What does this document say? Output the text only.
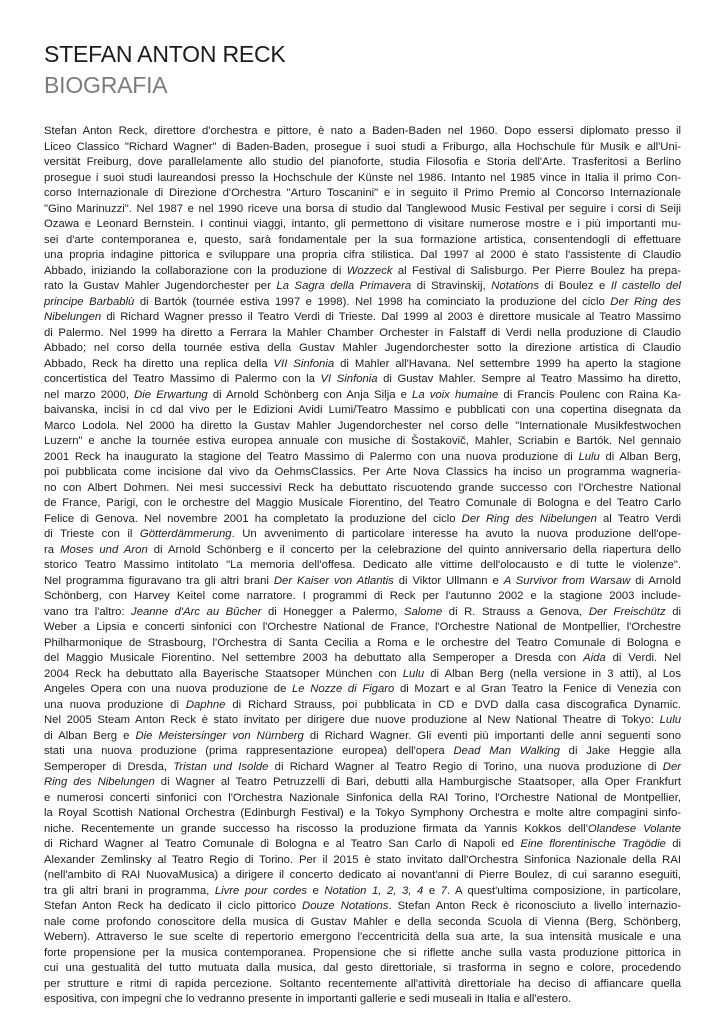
STEFAN ANTON RECK
BIOGRAFIA
Stefan Anton Reck, direttore d'orchestra e pittore, è nato a Baden-Baden nel 1960. Dopo essersi diplomato presso il
Liceo Classico "Richard Wagner" di Baden-Baden, prosegue i suoi studi a Friburgo, alla Hochschule für Musik e all'Uni-
versität Freiburg, dove parallelamente allo studio del pianoforte, studia Filosofia e Storia dell'Arte. Trasferitosi a Berlino
prosegue i suoi studi laureandosi presso la Hochschule der Künste nel 1986. Intanto nel 1985 vince in Italia il primo Con-
corso Internazionale di Direzione d'Orchestra "Arturo Toscanini" e in seguito il Primo Premio al Concorso Internazionale
"Gino Marinuzzi". Nel 1987 e nel 1990 riceve una borsa di studio dal Tanglewood Music Festival per seguire i corsi di Seiji
Ozawa e Leonard Bernstein. I continui viaggi, intanto, gli permettono di visitare numerose mostre e i più importanti mu-
sei d'arte contemporanea e, questo, sarà fondamentale per la sua formazione artistica, consentendogli di effettuare
una propria indagine pittorica e sviluppare una propria cifra stilistica. Dal 1997 al 2000 è stato l'assistente di Claudio
Abbado, iniziando la collaborazione con la produzione di Wozzeck al Festival di Salisburgo. Per Pierre Boulez ha prepa-
rato la Gustav Mahler Jugendorchester per La Sagra della Primavera di Stravinskij, Notations di Boulez e Il castello del
principe Barbablù di Bartók (tournée estiva 1997 e 1998). Nel 1998 ha cominciato la produzione del ciclo Der Ring des
Nibelungen di Richard Wagner presso il Teatro Verdi di Trieste. Dal 1999 al 2003 è direttore musicale al Teatro Massimo
di Palermo. Nel 1999 ha diretto a Ferrara la Mahler Chamber Orchester in Falstaff di Verdi nella produzione di Claudio
Abbado; nel corso della tournée estiva della Gustav Mahler Jugendorchester sotto la direzione artistica di Claudio
Abbado, Reck ha diretto una replica della VII Sinfonia di Mahler all'Havana. Nel settembre 1999 ha aperto la stagione
concertistica del Teatro Massimo di Palermo con la VI Sinfonia di Gustav Mahler. Sempre al Teatro Massimo ha diretto,
nel marzo 2000, Die Erwartung di Arnold Schönberg con Anja Silja e La voix humaine di Francis Poulenc con Raina Ka-
baivanska, incisi in cd dal vivo per le Edizioni Avidi Lumi/Teatro Massimo e pubblicati con una copertina disegnata da
Marco Lodola. Nel 2000 ha diretto la Gustav Mahler Jugendorchester nel corso delle "Internationale Musikfestwochen
Luzern" e anche la tournée estiva europea annuale con musiche di Šostakovič, Mahler, Scriabin e Bartók. Nel gennaio
2001 Reck ha inaugurato la stagione del Teatro Massimo di Palermo con una nuova produzione di Lulu di Alban Berg,
poi pubblicata come incisione dal vivo da OehmsClassics. Per Arte Nova Classics ha inciso un programma wagneria-
no con Albert Dohmen. Nei mesi successivi Reck ha debuttato riscuotendo grande successo con l'Orchestre National
de France, Parigi, con le orchestre del Maggio Musicale Fiorentino, del Teatro Comunale di Bologna e del Teatro Carlo
Felice di Genova. Nel novembre 2001 ha completato la produzione del ciclo Der Ring des Nibelungen al Teatro Verdi
di Trieste con il Götterdämmerung. Un avvenimento di particolare interesse ha avuto la nuova produzione dell'ope-
ra Moses und Aron di Arnold Schönberg e il concerto per la celebrazione del quinto anniversario della riapertura dello
storico Teatro Massimo intitolato "La memoria dell'offesa. Dedicato alle vittime dell'olocausto e di tutte le violenze".
Nel programma figuravano tra gli altri brani Der Kaiser von Atlantis di Viktor Ullmann e A Survivor from Warsaw di Arnold
Schönberg, con Harvey Keitel come narratore. I programmi di Reck per l'autunno 2002 e la stagione 2003 include-
vano tra l'altro: Jeanne d'Arc au Bûcher di Honegger a Palermo, Salome di R. Strauss a Genova, Der Freischütz di
Weber a Lipsia e concerti sinfonici con l'Orchestre National de France, l'Orchestre National de Montpellier, l'Orchestre
Philharmonique de Strasbourg, l'Orchestra di Santa Cecilia a Roma e le orchestre del Teatro Comunale di Bologna e
del Maggio Musicale Fiorentino. Nel settembre 2003 ha debuttato alla Semperoper a Dresda con Aida di Verdi. Nel
2004 Reck ha debuttato alla Bayerische Staatsoper München con Lulu di Alban Berg (nella versione in 3 atti), al Los
Angeles Opera con una nuova produzione de Le Nozze di Figaro di Mozart e al Gran Teatro la Fenice di Venezia con
una nuova produzione di Daphne di Richard Strauss, poi pubblicata in CD e DVD dalla casa discografica Dynamic.
Nel 2005 Steam Anton Reck è stato invitato per dirigere due nuove produzione al New National Theatre di Tokyo: Lulu
di Alban Berg e Die Meistersinger von Nürnberg di Richard Wagner. Gli eventi più importanti delle anni seguenti sono
stati una nuova produzione (prima rappresentazione europea) dell'opera Dead Man Walking di Jake Heggie alla
Semperoper di Dresda, Tristan und Isolde di Richard Wagner al Teatro Regio di Torino, una nuova produzione di Der
Ring des Nibelungen di Wagner al Teatro Petruzzelli di Bari, debutti alla Hamburgische Staatsoper, alla Oper Frankfurt
e numerosi concerti sinfonici con l'Orchestra Nazionale Sinfonica della RAI Torino, l'Orchestre National de Montpellier,
la Royal Scottish National Orchestra (Edinburgh Festival) e la Tokyo Symphony Orchestra e molte altre compagini sinfo-
niche. Recentemente un grande successo ha riscosso la produzione firmata da Yannis Kokkos dell'Olandese Volante
di Richard Wagner al Teatro Comunale di Bologna e al Teatro San Carlo di Napoli ed Eine florentinische Tragödie di
Alexander Zemlinsky al Teatro Regio di Torino. Per il 2015 è stato invitato dall'Orchestra Sinfonica Nazionale della RAI
(nell'ambito di RAI NuovaMusica) a dirigere il concerto dedicato ai novant'anni di Pierre Boulez, di cui saranno eseguiti,
tra gli altri brani in programma, Livre pour cordes e Notation 1, 2, 3, 4 e 7. A quest'ultima composizione, in particolare,
Stefan Anton Reck ha dedicato il ciclo pittorico Douze Notations. Stefan Anton Reck è riconosciuto a livello internazio-
nale come profondo conoscitore della musica di Gustav Mahler e della seconda Scuola di Vienna (Berg, Schönberg,
Webern). Attraverso le sue scelte di repertorio emergono l'eccentricità della sua arte, la sua intensità musicale e una
forte propensione per la musica contemporanea. Propensione che si riflette anche sulla vasta produzione pittorica in
cui una gestualità del tutto mutuata dalla musica, dal gesto direttoriale, si trasforma in segno e colore, procedendo
per strutture e ritmi di rapida percezione. Soltanto recentemente all'attività direttoriale ha deciso di affiancare quella
espositiva, con impegni che lo vedranno presente in importanti gallerie e sedi museali in Italia e all'estero.
